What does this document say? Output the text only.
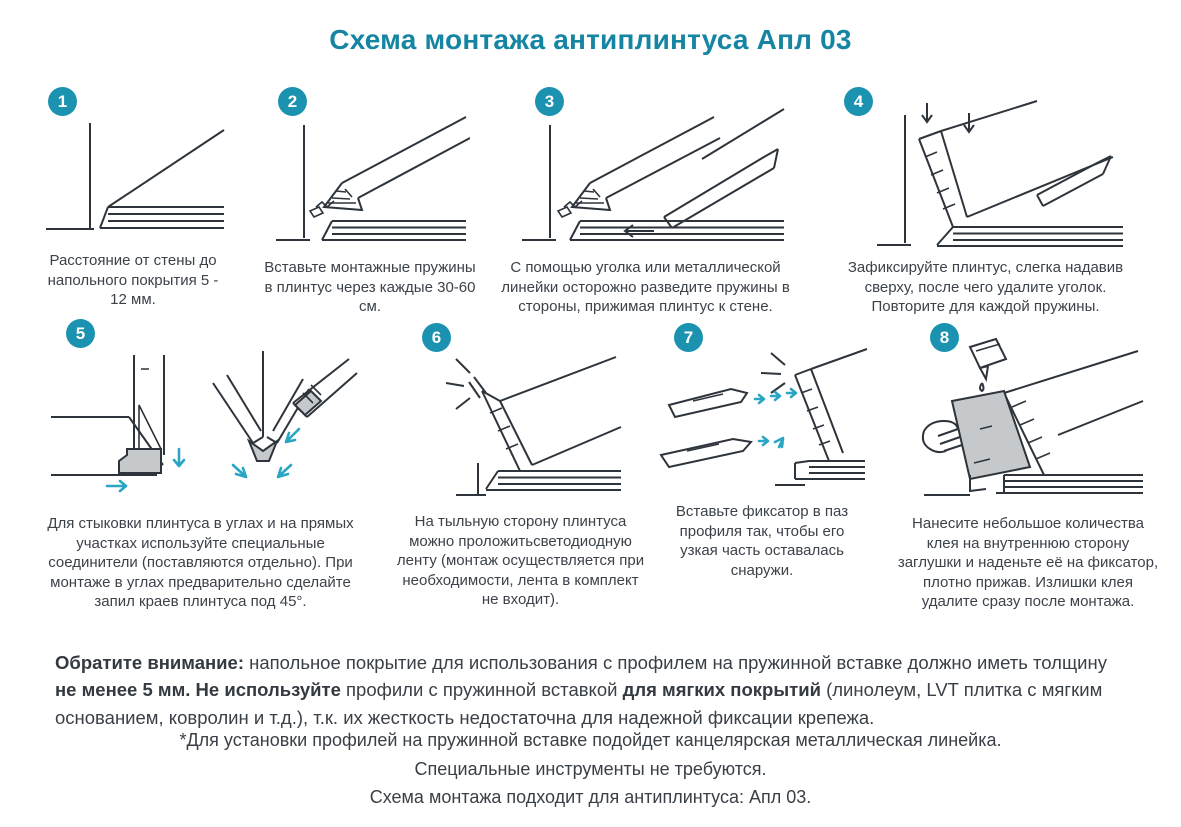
Схема монтажа антиплинтуса Апл 03
1
Расстояние от стены до напольного покрытия 5 - 12 мм.
2
Вставьте монтажные пружины в плинтус через каждые 30-60 см.
3
С помощью уголка или металлической линейки осторожно разведите пружины в стороны, прижимая плинтус к стене.
4
Зафиксируйте плинтус, слегка надавив сверху, после чего удалите уголок. Повторите для каждой пружины.
5
Для стыковки плинтуса в углах и на прямых участках используйте специальные соединители (поставляются отдельно). При монтаже в углах предварительно сделайте запил краев плинтуса под 45°.
6
На тыльную сторону плинтуса можно проложитьсветодиодную ленту (монтаж осуществляется при необходимости, лента в комплект не входит).
7
Вставьте фиксатор в паз профиля так, чтобы его узкая часть оставалась снаружи.
8
Нанесите небольшое количества клея на внутреннюю сторону заглушки и наденьте её на фиксатор, плотно прижав. Излишки клея удалите сразу после монтажа.

Обратите внимание: напольное покрытие для использования с профилем на пружинной вставке должно иметь толщину не менее 5 мм. Не используйте профили с пружинной вставкой для мягких покрытий (линолеум, LVT плитка с мягким основанием, ковролин и т.д.), т.к. их жесткость недостаточна для надежной фиксации крепежа.

*Для установки профилей на пружинной вставке подойдет канцелярская металлическая линейка.
Специальные инструменты не требуются.
Схема монтажа подходит для антиплинтуса: Апл 03.
